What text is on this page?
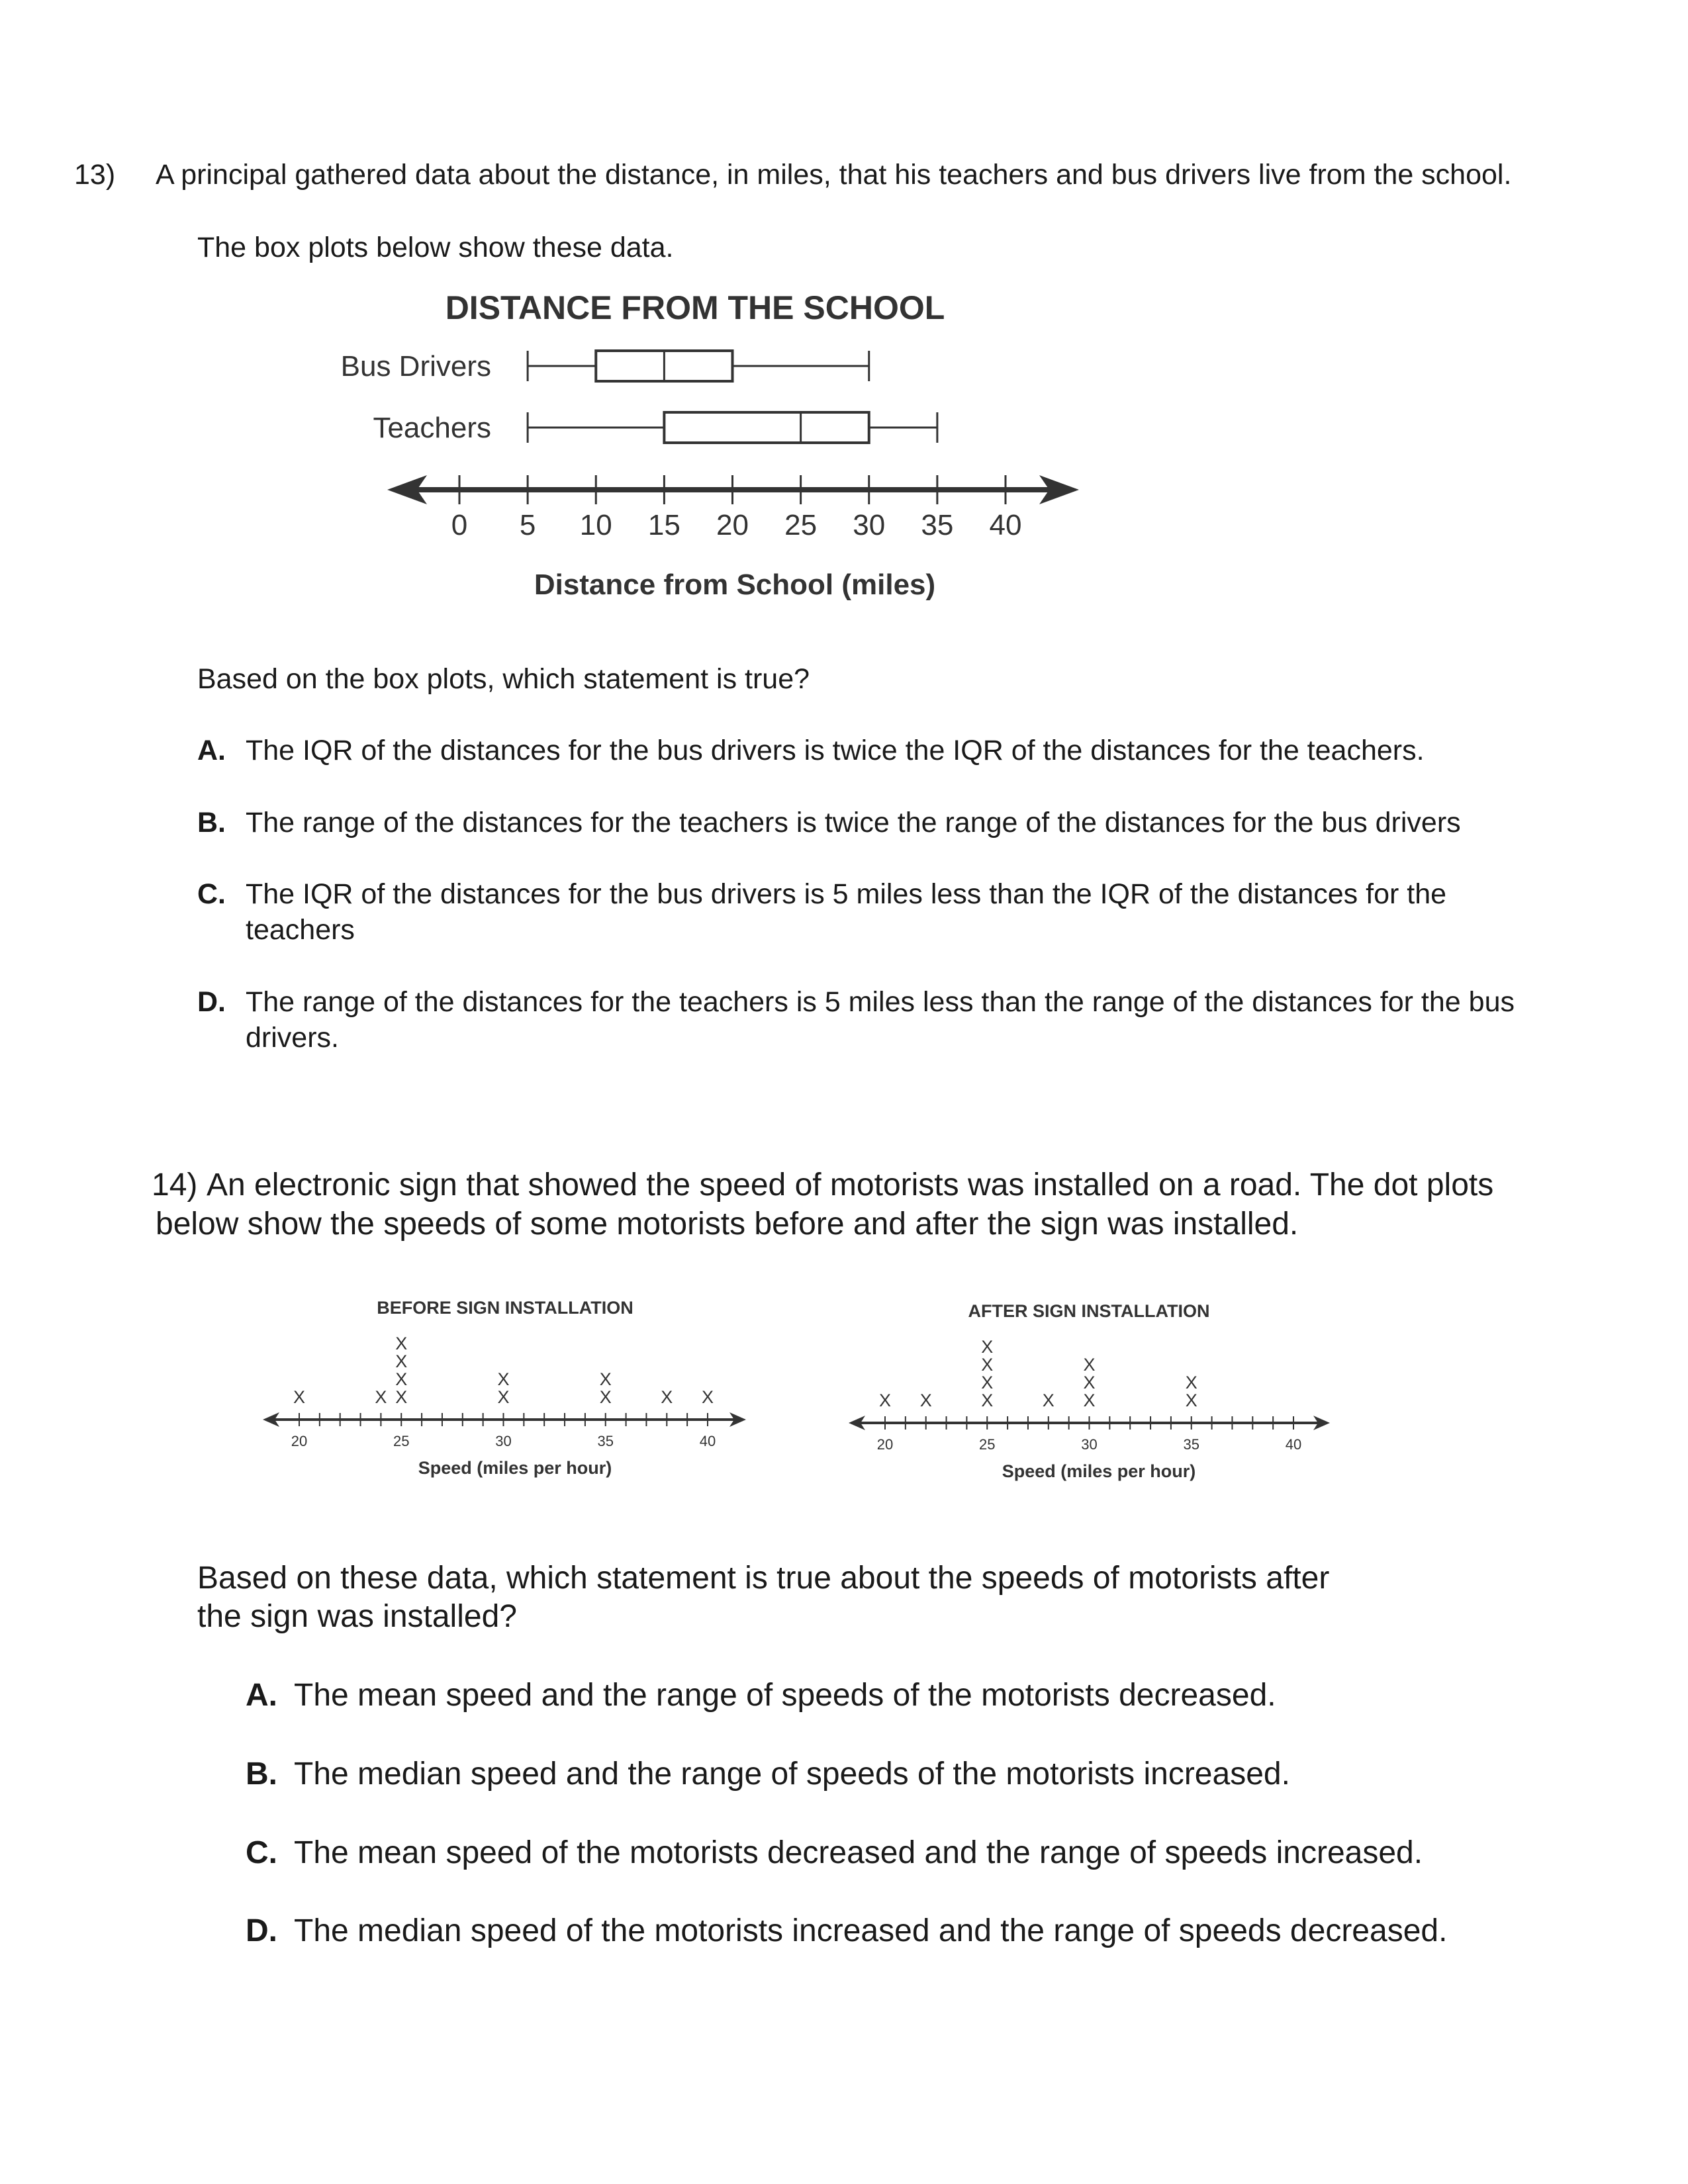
13) A principal gathered data about the distance, in miles, that his teachers and bus drivers live from the school.
The box plots below show these data.
DISTANCE FROM THE SCHOOL
0 5 10 15 20 25 30 35 40
Distance from School (miles)
Bus Drivers
Teachers
Based on the box plots, which statement is true?
A. The IQR of the distances for the bus drivers is twice the IQR of the distances for the teachers.
B. The range of the distances for the teachers is twice the range of the distances for the bus drivers
C. The IQR of the distances for the bus drivers is 5 miles less than the IQR of the distances for the
teachers
D. The range of the distances for the teachers is 5 miles less than the range of the distances for the bus
drivers.
14) An electronic sign that showed the speed of motorists was installed on a road. The dot plots
below show the speeds of some motorists before and after the sign was installed.
BEFORE SIGN INSTALLATION
20	25	30	35	40
Speed (miles per hour)
X	X X
X
X
X
X
X
X
X
X X
AFTER SIGN INSTALLATION
20	25	30	35	40
Speed (miles per hour)
X X	X
X
X
X
X X
X
X
X
X
Based on these data, which statement is true about the speeds of motorists after
the sign was installed?
A. The mean speed and the range of speeds of the motorists decreased.
B. The median speed and the range of speeds of the motorists increased.
C. The mean speed of the motorists decreased and the range of speeds increased.
D. The median speed of the motorists increased and the range of speeds decreased.
